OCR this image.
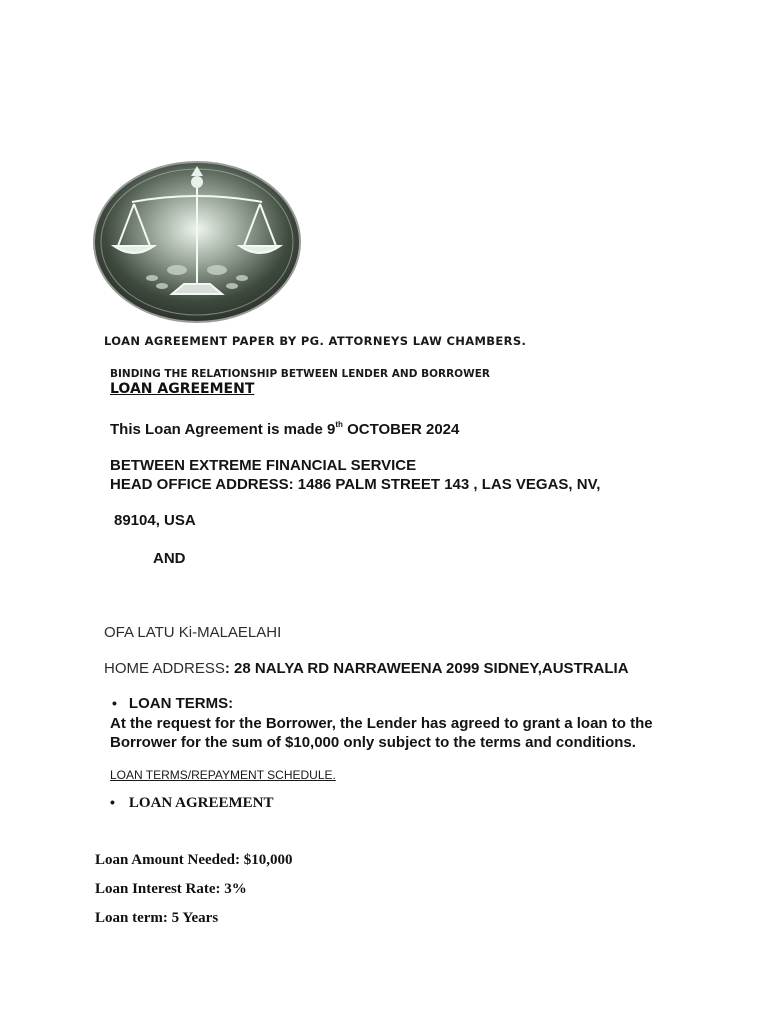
LOAN AGREEMENT PAPER BY PG. ATTORNEYS LAW CHAMBERS.
BINDING THE RELATIONSHIP BETWEEN LENDER AND BORROWER
LOAN AGREEMENT
This Loan Agreement is made 9th OCTOBER 2024
BETWEEN EXTREME FINANCIAL SERVICE
HEAD OFFICE ADDRESS: 1486 PALM STREET 143 , LAS VEGAS, NV,
89104, USA
AND
OFA LATU Ki-MALAELAHI
HOME ADDRESS: 28 NALYA RD NARRAWEENA 2099 SIDNEY,AUSTRALIA
• LOAN TERMS:
At the request for the Borrower, the Lender has agreed to grant a loan to the Borrower for the sum of $10,000 only subject to the terms and conditions.
LOAN TERMS/REPAYMENT SCHEDULE.
• LOAN AGREEMENT
Loan Amount Needed: $10,000
Loan Interest Rate: 3%
Loan term: 5 Years
